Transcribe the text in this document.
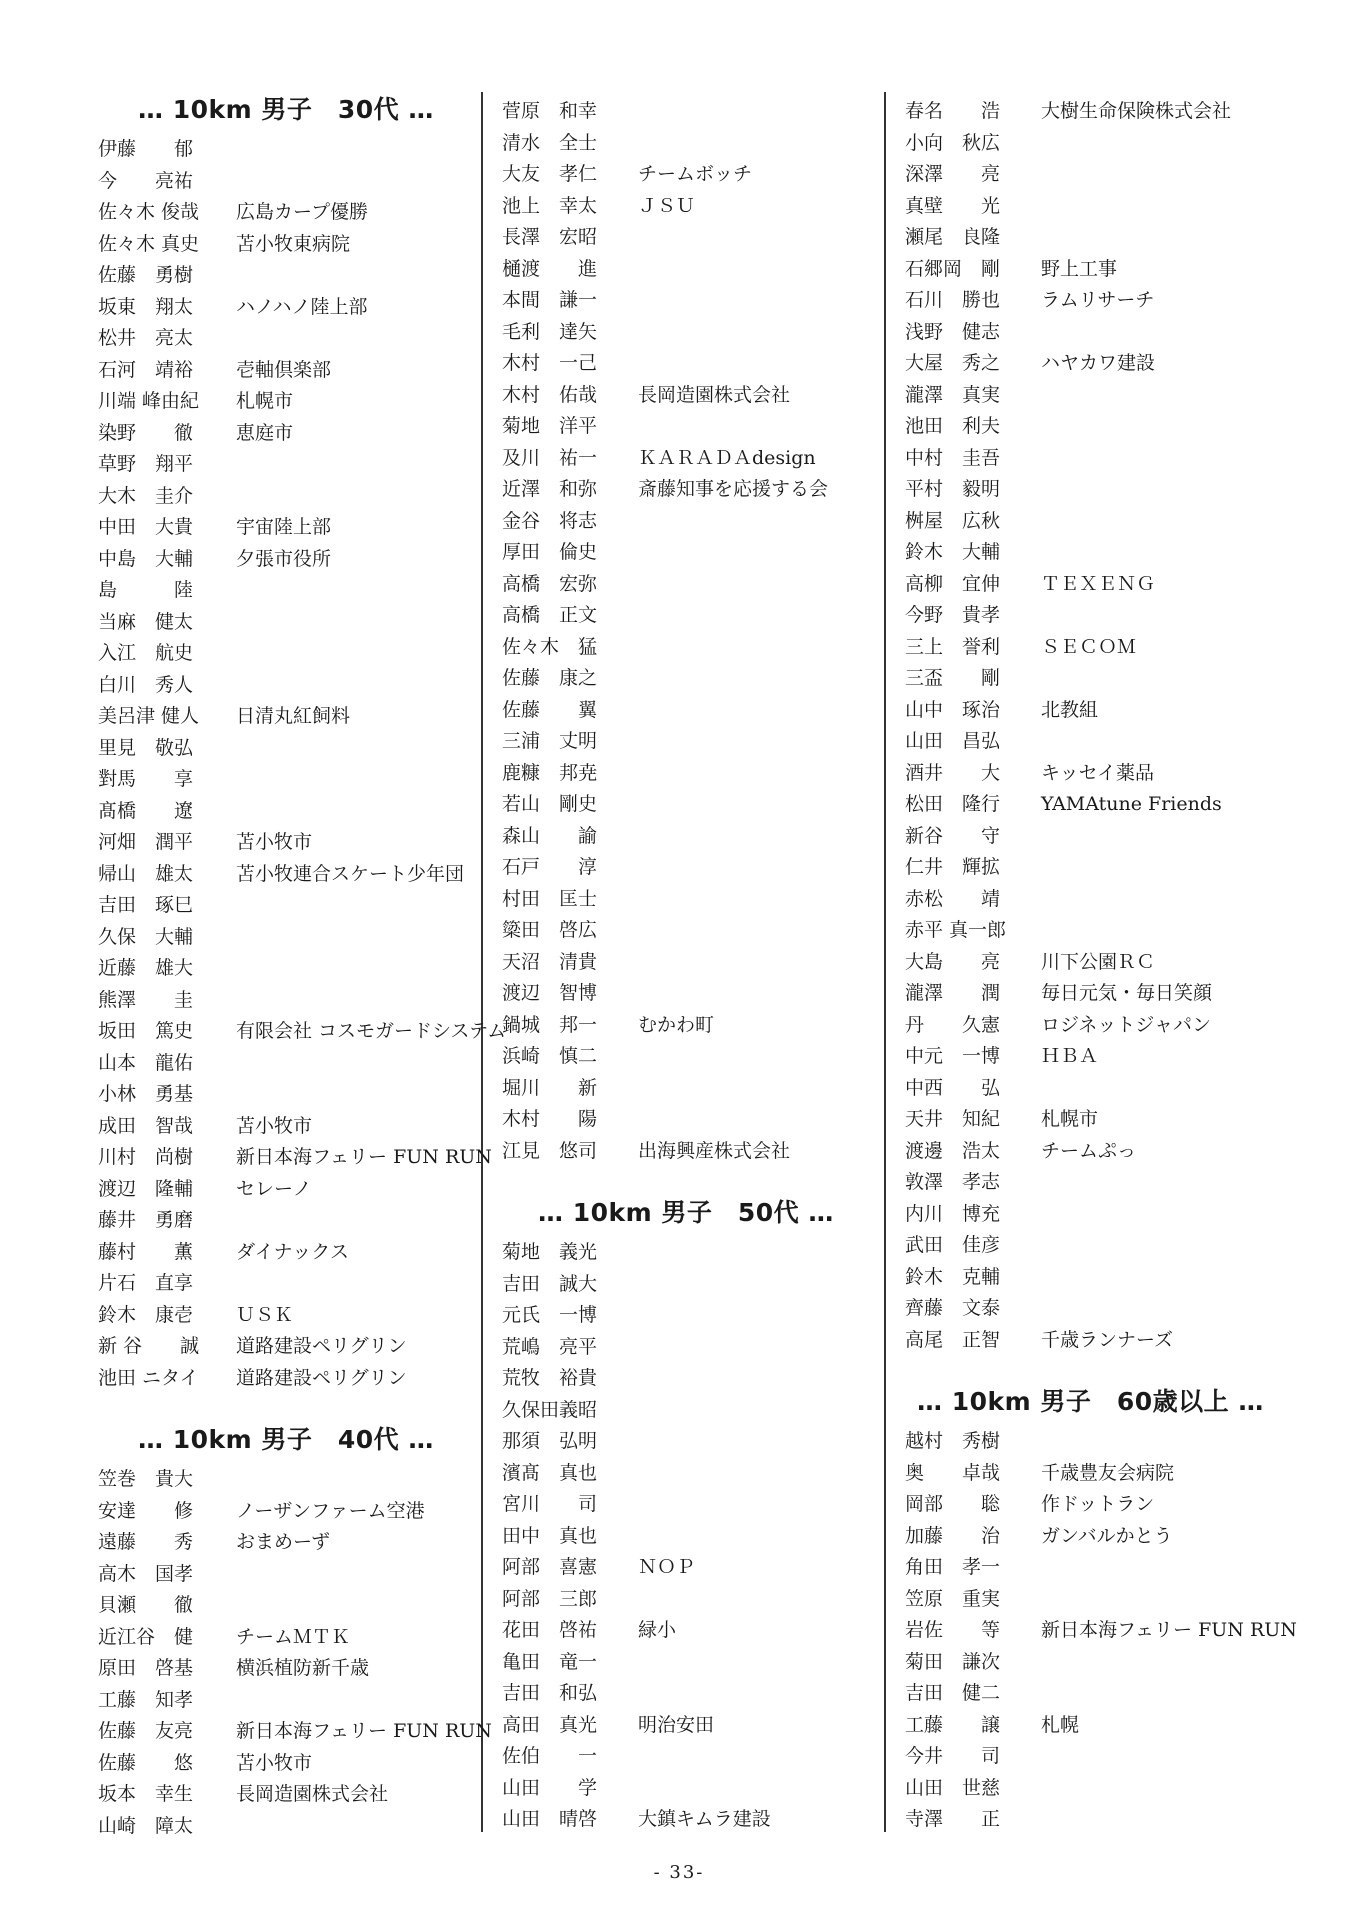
… 10km 男子　30代 …
伊藤　　郁
今　　亮祐
佐々木 俊哉	広島カープ優勝
佐々木 真史	苫小牧東病院
佐藤　勇樹
坂東　翔太	ハノハノ陸上部
松井　亮太
石河　靖裕	壱軸倶楽部
川端 峰由紀	札幌市
染野　　徹	恵庭市
草野　翔平
大木　圭介
中田　大貴	宇宙陸上部
中島　大輔	夕張市役所
島　　　陸
当麻　健太
入江　航史
白川　秀人
美呂津 健人	日清丸紅飼料
里見　敬弘
對馬　　享
髙橋　　遼
河畑　潤平	苫小牧市
帰山　雄太	苫小牧連合スケート少年団
吉田　琢巳
久保　大輔
近藤　雄大
熊澤　　圭
坂田　篤史	有限会社 コスモガードシステム
山本　龍佑
小林　勇基
成田　智哉	苫小牧市
川村　尚樹	新日本海フェリー FUN RUN
渡辺　隆輔	セレーノ
藤井　勇磨
藤村　　薫	ダイナックス
片石　直享
鈴木　康壱	ＵＳＫ
新 谷　　誠	道路建設ペリグリン
池田 ニタイ	道路建設ペリグリン
… 10km 男子　40代 …
笠巻　貴大
安達　　修	ノーザンファーム空港
遠藤　　秀	おまめーず
高木　国孝
貝瀬　　徹
近江谷　健	チームＭＴＫ
原田　啓基	横浜植防新千歳
工藤　知孝
佐藤　友亮	新日本海フェリー FUN RUN
佐藤　　悠	苫小牧市
坂本　幸生	長岡造園株式会社
山崎　障太
菅原　和幸
清水　全士
大友　孝仁	チームボッチ
池上　幸太	ＪＳＵ
長澤　宏昭
樋渡　　進
本間　謙一
毛利　達矢
木村　一己
木村　佑哉	長岡造園株式会社
菊地　洋平
及川　祐一	ＫＡＲＡＤＡdesign
近澤　和弥	斎藤知事を応援する会
金谷　将志
厚田　倫史
高橋　宏弥
高橋　正文
佐々木　猛
佐藤　康之
佐藤　　翼
三浦　丈明
鹿糠　邦尭
若山　剛史
森山　　諭
石戸　　淳
村田　匡士
簗田　啓広
天沼　清貴
渡辺　智博
鍋城　邦一	むかわ町
浜崎　慎二
堀川　　新
木村　　陽
江見　悠司	出海興産株式会社
… 10km 男子　50代 …
菊地　義光
吉田　誠大
元氏　一博
荒嶋　亮平
荒牧　裕貴
久保田義昭
那須　弘明
濱髙　真也
宮川　　司
田中　真也
阿部　喜憲	ＮＯＰ
阿部　三郎
花田　啓祐	緑小
亀田　竜一
吉田　和弘
高田　真光	明治安田
佐伯　　一
山田　　学
山田　晴啓	大鎮キムラ建設
春名　　浩	大樹生命保険株式会社
小向　秋広
深澤　　亮
真壁　　光
瀬尾　良隆
石郷岡　剛	野上工事
石川　勝也	ラムリサーチ
浅野　健志
大屋　秀之	ハヤカワ建設
瀧澤　真実
池田　利夫
中村　圭吾
平村　毅明
桝屋　広秋
鈴木　大輔
高柳　宜伸	ＴＥＸＥＮＧ
今野　貴孝
三上　誉利	ＳＥＣＯＭ
三盃　　剛
山中　琢治	北教組
山田　昌弘
酒井　　大	キッセイ薬品
松田　隆行	YAMAtune Friends
新谷　　守
仁井　輝拡
赤松　　靖
赤平 真一郎
大島　　亮	川下公園ＲＣ
瀧澤　　潤	毎日元気・毎日笑顔
丹　　久憲	ロジネットジャパン
中元　一博	ＨＢＡ
中西　　弘
天井　知紀	札幌市
渡邊　浩太	チームぷっ
敦澤　孝志
内川　博充
武田　佳彦
鈴木　克輔
齊藤　文泰
高尾　正智	千歳ランナーズ
… 10km 男子　60歳以上 …
越村　秀樹
奥　　卓哉	千歳豊友会病院
岡部　　聡	作ドットラン
加藤　　治	ガンバルかとう
角田　孝一
笠原　重実
岩佐　　等	新日本海フェリー FUN RUN
菊田　謙次
吉田　健二
工藤　　譲	札幌
今井　　司
山田　世慈
寺澤　　正
- 33-
